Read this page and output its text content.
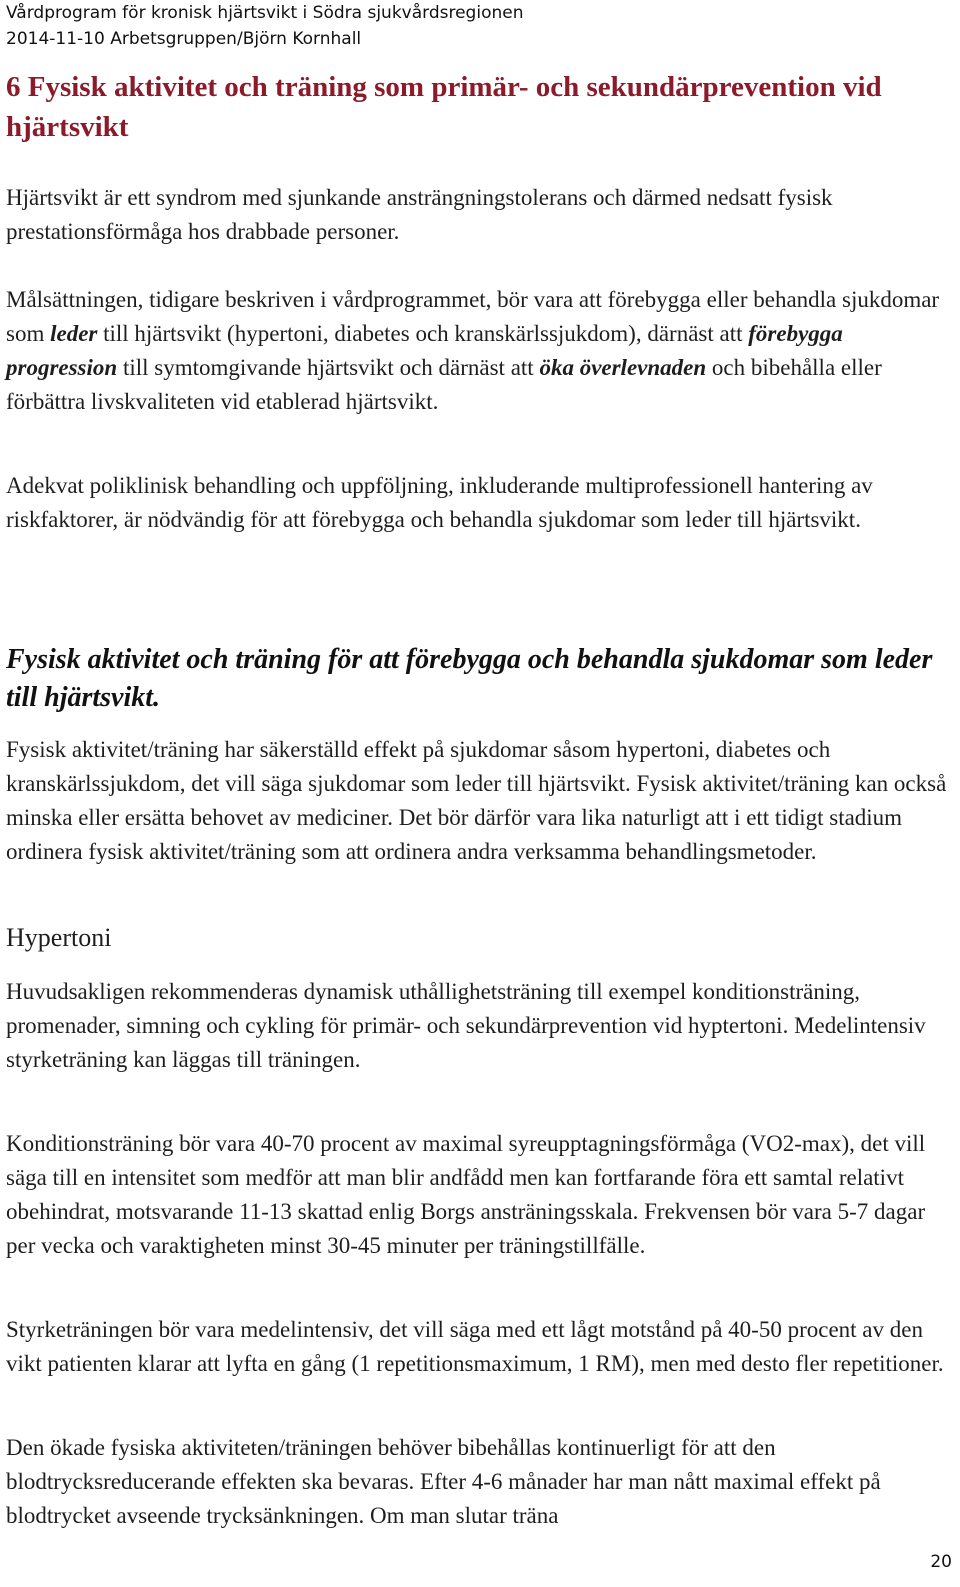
Vårdprogram för kronisk hjärtsvikt i Södra sjukvårdsregionen
2014-11-10 Arbetsgruppen/Björn Kornhall
6 Fysisk aktivitet och träning som primär- och sekundärprevention vid hjärtsvikt

Hjärtsvikt är ett syndrom med sjunkande ansträngningstolerans och därmed nedsatt fysisk prestationsförmåga hos drabbade personer.

Målsättningen, tidigare beskriven i vårdprogrammet, bör vara att förebygga eller behandla sjukdomar som leder till hjärtsvikt (hypertoni, diabetes och kranskärlssjukdom), därnäst att förebygga progression till symtomgivande hjärtsvikt och därnäst att öka överlevnaden och bibehålla eller förbättra livskvaliteten vid etablerad hjärtsvikt.

Adekvat poliklinisk behandling och uppföljning, inkluderande multiprofessionell hantering av riskfaktorer, är nödvändig för att förebygga och behandla sjukdomar som leder till hjärtsvikt.

Fysisk aktivitet och träning för att förebygga och behandla sjukdomar som leder till hjärtsvikt.

Fysisk aktivitet/träning har säkerställd effekt på sjukdomar såsom hypertoni, diabetes och kranskärlssjukdom, det vill säga sjukdomar som leder till hjärtsvikt. Fysisk aktivitet/träning kan också minska eller ersätta behovet av mediciner. Det bör därför vara lika naturligt att i ett tidigt stadium ordinera fysisk aktivitet/träning som att ordinera andra verksamma behandlingsmetoder.

Hypertoni

Huvudsakligen rekommenderas dynamisk uthållighetsträning till exempel konditionsträning, promenader, simning och cykling för primär- och sekundärprevention vid hyptertoni. Medelintensiv styrketräning kan läggas till träningen.

Konditionsträning bör vara 40-70 procent av maximal syreupptagningsförmåga (VO2-max), det vill säga till en intensitet som medför att man blir andfådd men kan fortfarande föra ett samtal relativt obehindrat, motsvarande 11-13 skattad enlig Borgs ansträningsskala. Frekvensen bör vara 5-7 dagar per vecka och varaktigheten minst 30-45 minuter per träningstillfälle.

Styrketräningen bör vara medelintensiv, det vill säga med ett lågt motstånd på 40-50 procent av den vikt patienten klarar att lyfta en gång (1 repetitionsmaximum, 1 RM), men med desto fler repetitioner.

Den ökade fysiska aktiviteten/träningen behöver bibehållas kontinuerligt för att den blodtrycksreducerande effekten ska bevaras. Efter 4-6 månader har man nått maximal effekt på blodtrycket avseende trycksänkningen. Om man slutar träna

20
